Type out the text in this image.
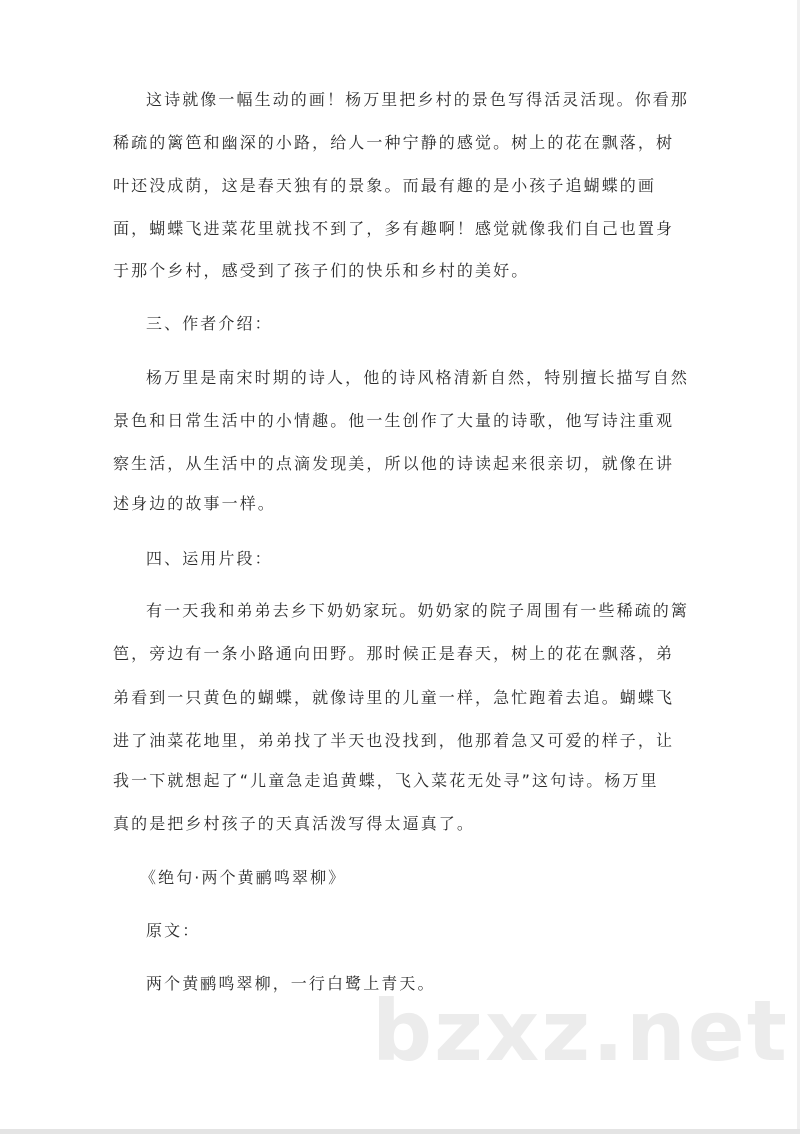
这诗就像一幅生动的画！杨万里把乡村的景色写得活灵活现。你看那
稀疏的篱笆和幽深的小路，给人一种宁静的感觉。树上的花在飘落，树
叶还没成荫，这是春天独有的景象。而最有趣的是小孩子追蝴蝶的画
面，蝴蝶飞进菜花里就找不到了，多有趣啊！感觉就像我们自己也置身
于那个乡村，感受到了孩子们的快乐和乡村的美好。
三、作者介绍：
杨万里是南宋时期的诗人，他的诗风格清新自然，特别擅长描写自然
景色和日常生活中的小情趣。他一生创作了大量的诗歌，他写诗注重观
察生活，从生活中的点滴发现美，所以他的诗读起来很亲切，就像在讲
述身边的故事一样。
四、运用片段：
有一天我和弟弟去乡下奶奶家玩。奶奶家的院子周围有一些稀疏的篱
笆，旁边有一条小路通向田野。那时候正是春天，树上的花在飘落，弟
弟看到一只黄色的蝴蝶，就像诗里的儿童一样，急忙跑着去追。蝴蝶飞
进了油菜花地里，弟弟找了半天也没找到，他那着急又可爱的样子，让
我一下就想起了“儿童急走追黄蝶，飞入菜花无处寻”这句诗。杨万里
真的是把乡村孩子的天真活泼写得太逼真了。
《绝句·两个黄鹂鸣翠柳》
原文：
两个黄鹂鸣翠柳，一行白鹭上青天。
bzxz.net
